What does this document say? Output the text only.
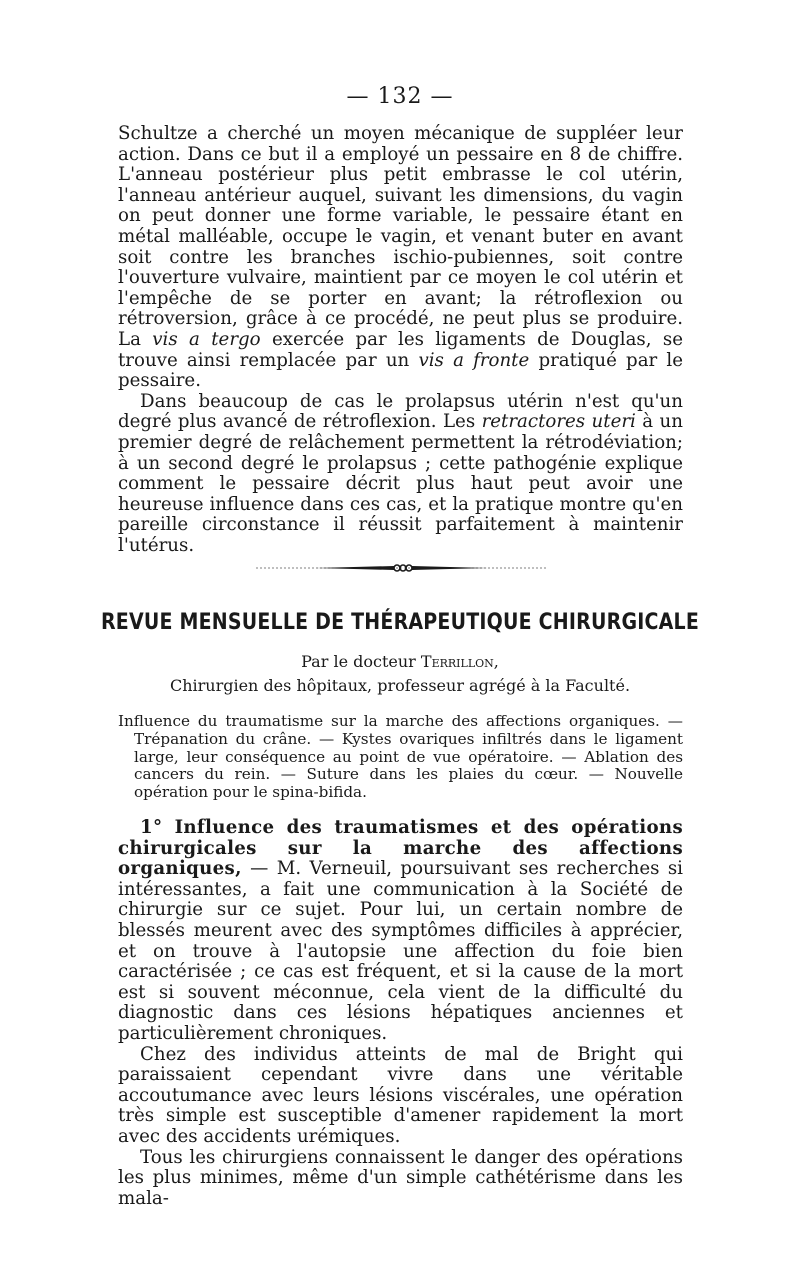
— 132 —

Schultze a cherché un moyen mécanique de suppléer leur action. Dans ce but il a employé un pessaire en 8 de chiffre. L'anneau postérieur plus petit embrasse le col utérin, l'anneau antérieur auquel, suivant les dimensions, du vagin on peut donner une forme variable, le pessaire étant en métal malléable, occupe le vagin, et venant buter en avant soit contre les branches ischio-pubiennes, soit contre l'ouverture vulvaire, maintient par ce moyen le col utérin et l'empêche de se porter en avant; la rétroflexion ou rétroversion, grâce à ce procédé, ne peut plus se produire. La vis a tergo exercée par les ligaments de Douglas, se trouve ainsi remplacée par un vis a fronte pratiqué par le pessaire.

Dans beaucoup de cas le prolapsus utérin n'est qu'un degré plus avancé de rétroflexion. Les retractores uteri à un premier degré de relâchement permettent la rétrodéviation; à un second degré le prolapsus ; cette pathogénie explique comment le pessaire décrit plus haut peut avoir une heureuse influence dans ces cas, et la pratique montre qu'en pareille circonstance il réussit parfaitement à maintenir l'utérus.

REVUE MENSUELLE DE THÉRAPEUTIQUE CHIRURGICALE
Par le docteur Terrillon,
Chirurgien des hôpitaux, professeur agrégé à la Faculté.

Influence du traumatisme sur la marche des affections organiques. — Trépanation du crâne. — Kystes ovariques infiltrés dans le ligament large, leur conséquence au point de vue opératoire. — Ablation des cancers du rein. — Suture dans les plaies du cœur. — Nouvelle opération pour le spina-bifida.

1° Influence des traumatismes et des opérations chirurgicales sur la marche des affections organiques, — M. Verneuil, poursuivant ses recherches si intéressantes, a fait une communication à la Société de chirurgie sur ce sujet. Pour lui, un certain nombre de blessés meurent avec des symptômes difficiles à apprécier, et on trouve à l'autopsie une affection du foie bien caractérisée ; ce cas est fréquent, et si la cause de la mort est si souvent méconnue, cela vient de la difficulté du diagnostic dans ces lésions hépatiques anciennes et particulièrement chroniques.

Chez des individus atteints de mal de Bright qui paraissaient cependant vivre dans une véritable accoutumance avec leurs lésions viscérales, une opération très simple est susceptible d'amener rapidement la mort avec des accidents urémiques.

Tous les chirurgiens connaissent le danger des opérations les plus minimes, même d'un simple cathétérisme dans les mala-
